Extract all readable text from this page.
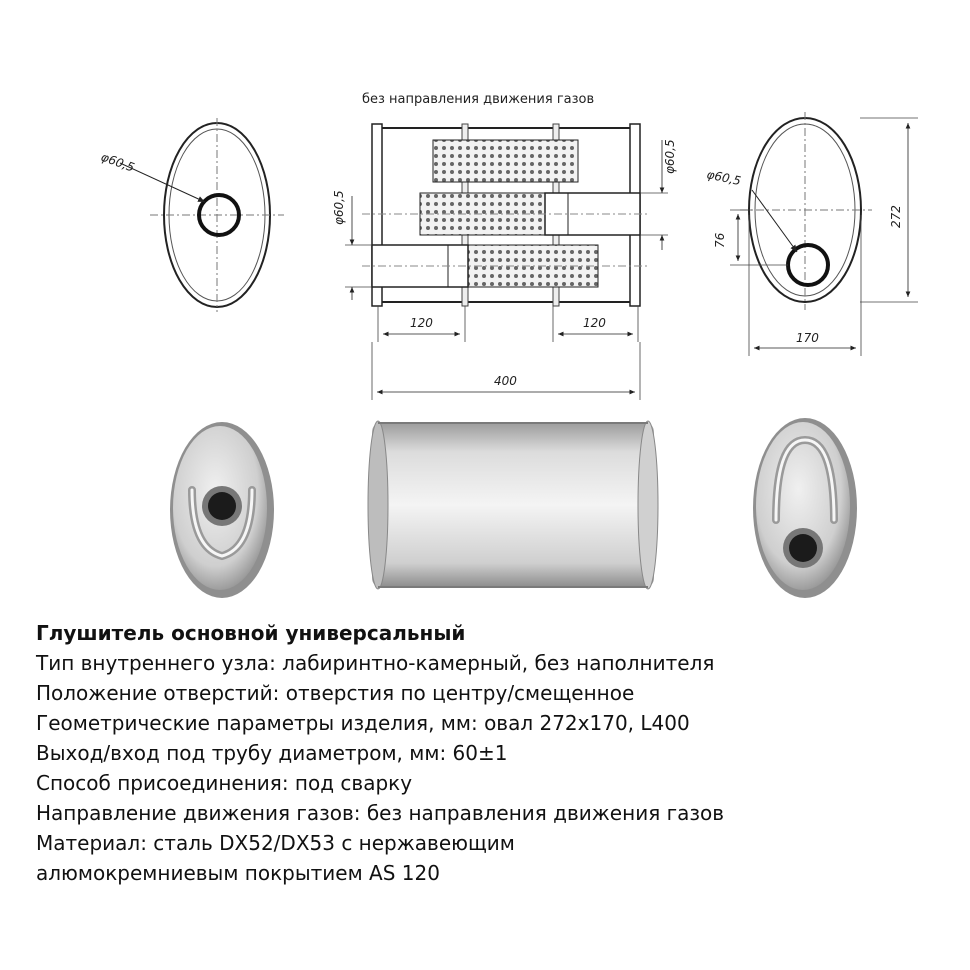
без направления движения газов
φ60,5
φ60,5
φ60,5
120	120
400
φ60,5
76
272
170
Глушитель основной универсальный
Тип внутреннего узла: лабиринтно-камерный, без наполнителя
Положение отверстий: отверстия по центру/смещенное
Геометрические параметры изделия, мм: овал 272x170, L400
Выход/вход под трубу диаметром, мм: 60±1
Способ присоединения: под сварку
Направление движения газов: без направления движения газов
Материал: сталь DX52/DX53 с нержавеющим
алюмокремниевым покрытием AS 120
